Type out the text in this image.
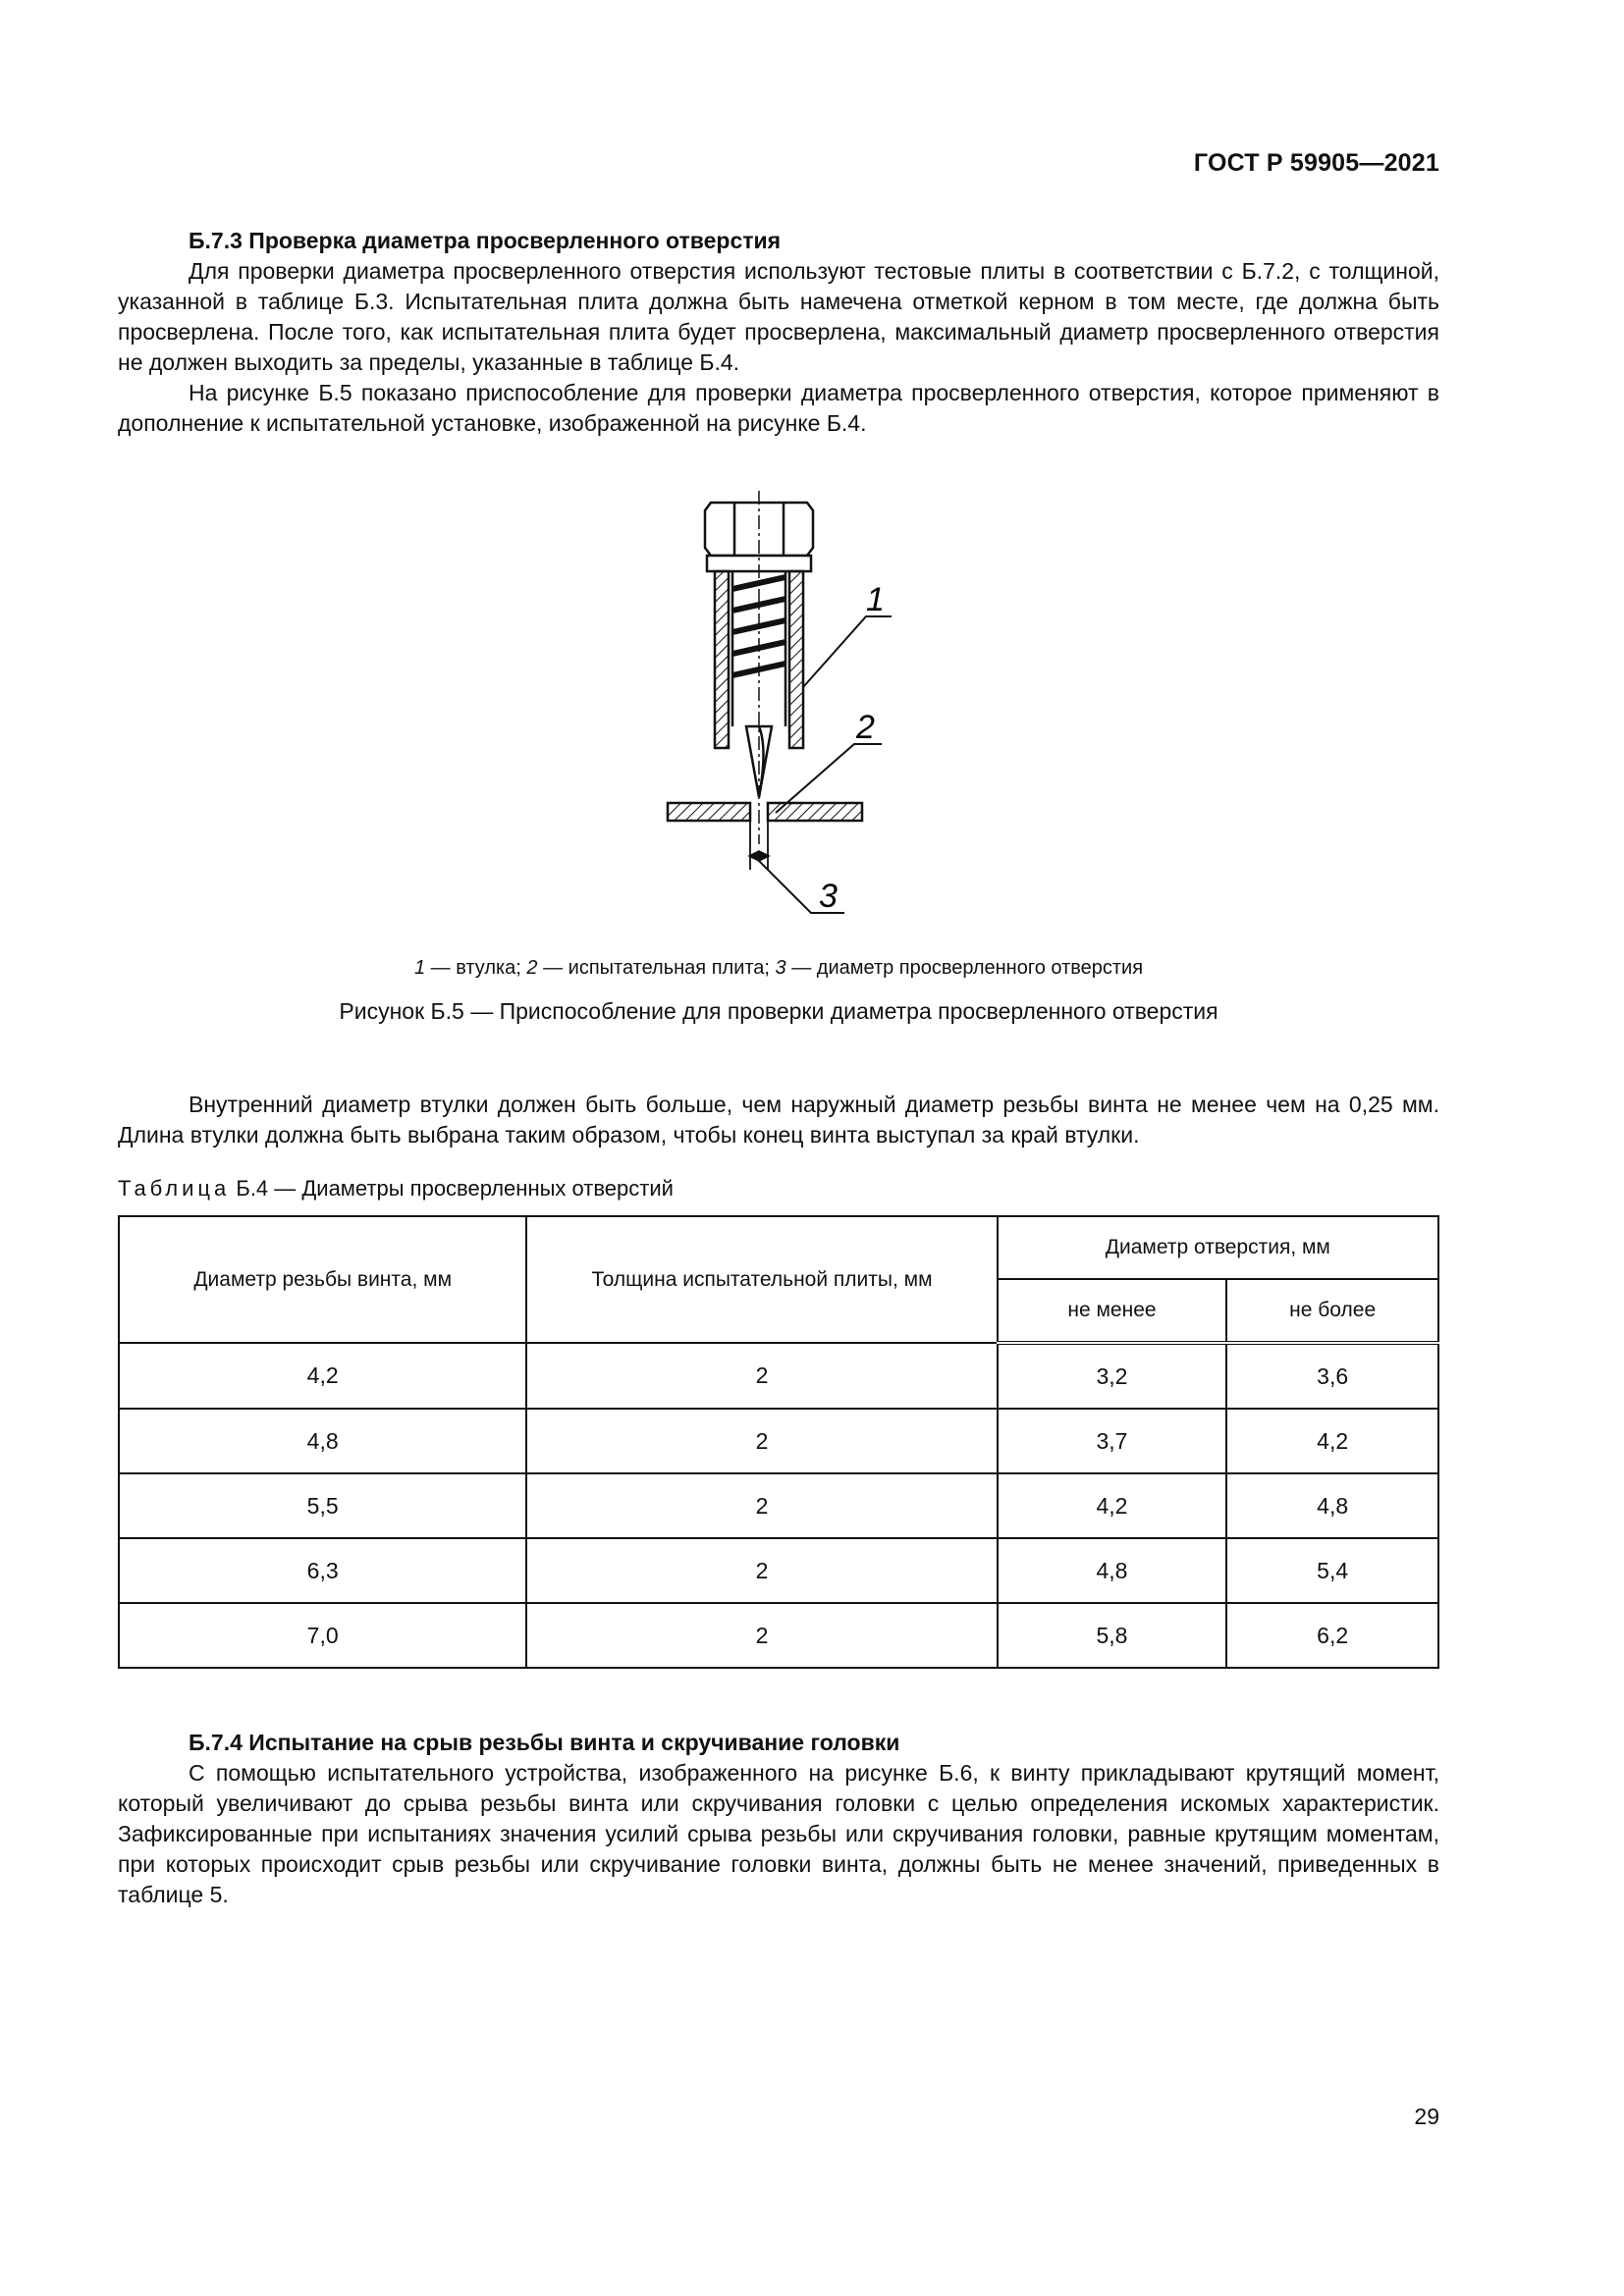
ГОСТ Р 59905—2021
Б.7.3 Проверка диаметра просверленного отверстия

Для проверки диаметра просверленного отверстия используют тестовые плиты в соответствии с Б.7.2, с толщиной, указанной в таблице Б.3. Испытательная плита должна быть намечена отметкой керном в том месте, где должна быть просверлена. После того, как испытательная плита будет просверлена, максимальный диаметр просверленного отверстия не должен выходить за пределы, указанные в таблице Б.4.

На рисунке Б.5 показано приспособление для проверки диаметра просверленного отверстия, которое применяют в дополнение к испытательной установке, изображенной на рисунке Б.4.

1
2
3
1 — втулка; 2 — испытательная плита; 3 — диаметр просверленного отверстия
Рисунок Б.5 — Приспособление для проверки диаметра просверленного отверстия

Внутренний диаметр втулки должен быть больше, чем наружный диаметр резьбы винта не менее чем на 0,25 мм. Длина втулки должна быть выбрана таким образом, чтобы конец винта выступал за край втулки.

Таблица Б.4 — Диаметры просверленных отверстий
Диаметр резьбы винта, мм	Толщина испытательной плиты, мм	Диаметр отверстия, мм	
		не менее	не более
4,2	2	3,2	3,6
4,8	2	3,7	4,2
5,5	2	4,2	4,8
6,3	2	4,8	5,4
7,0	2	5,8	6,2
Б.7.4 Испытание на срыв резьбы винта и скручивание головки

С помощью испытательного устройства, изображенного на рисунке Б.6, к винту прикладывают крутящий момент, который увеличивают до срыва резьбы винта или скручивания головки с целью определения искомых характеристик. Зафиксированные при испытаниях значения усилий срыва резьбы или скручивания головки, равные крутящим моментам, при которых происходит срыв резьбы или скручивание головки винта, должны быть не менее значений, приведенных в таблице 5.

29
